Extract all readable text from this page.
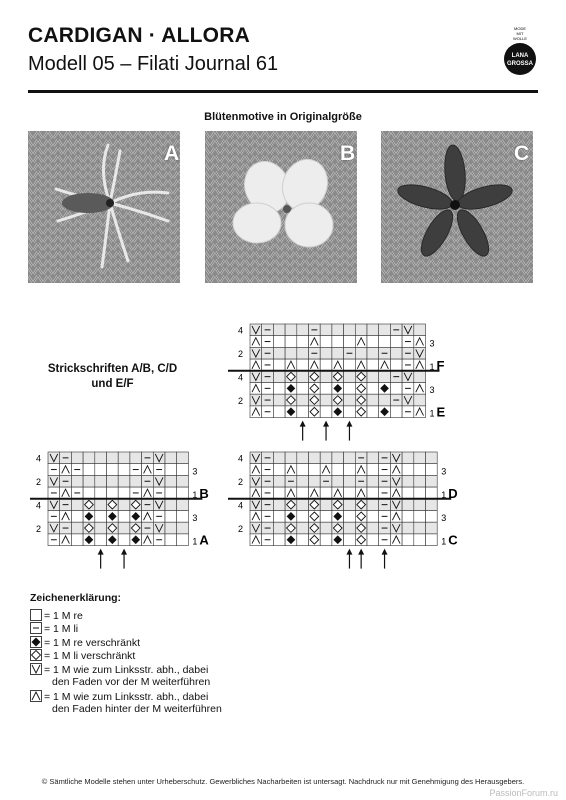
CARDIGAN · ALLORA
Modell 05 – Filati Journal 61
MODE
MIT
WOLLE
LANA
GROSSA
Blütenmotive in Originalgröße
A	B	C
Strickschriften A/B, C/D
und E/F
4
2
4
2
3
1
3
1
F
E
4
2
4
2
3
1
3
1
B
A
4
2
4
2
3
1
3
1
D
C
Zeichenerklärung:
= 1 M re
= 1 M li
= 1 M re verschränkt
= 1 M li verschränkt
= 1 M wie zum Linksstr. abh., dabei
den Faden vor der M weiterführen
= 1 M wie zum Linksstr. abh., dabei
den Faden hinter der M weiterführen
© Sämtliche Modelle stehen unter Urheberschutz. Gewerbliches Nacharbeiten ist untersagt. Nachdruck nur mit Genehmigung des Herausgebers.
PassionForum.ru
